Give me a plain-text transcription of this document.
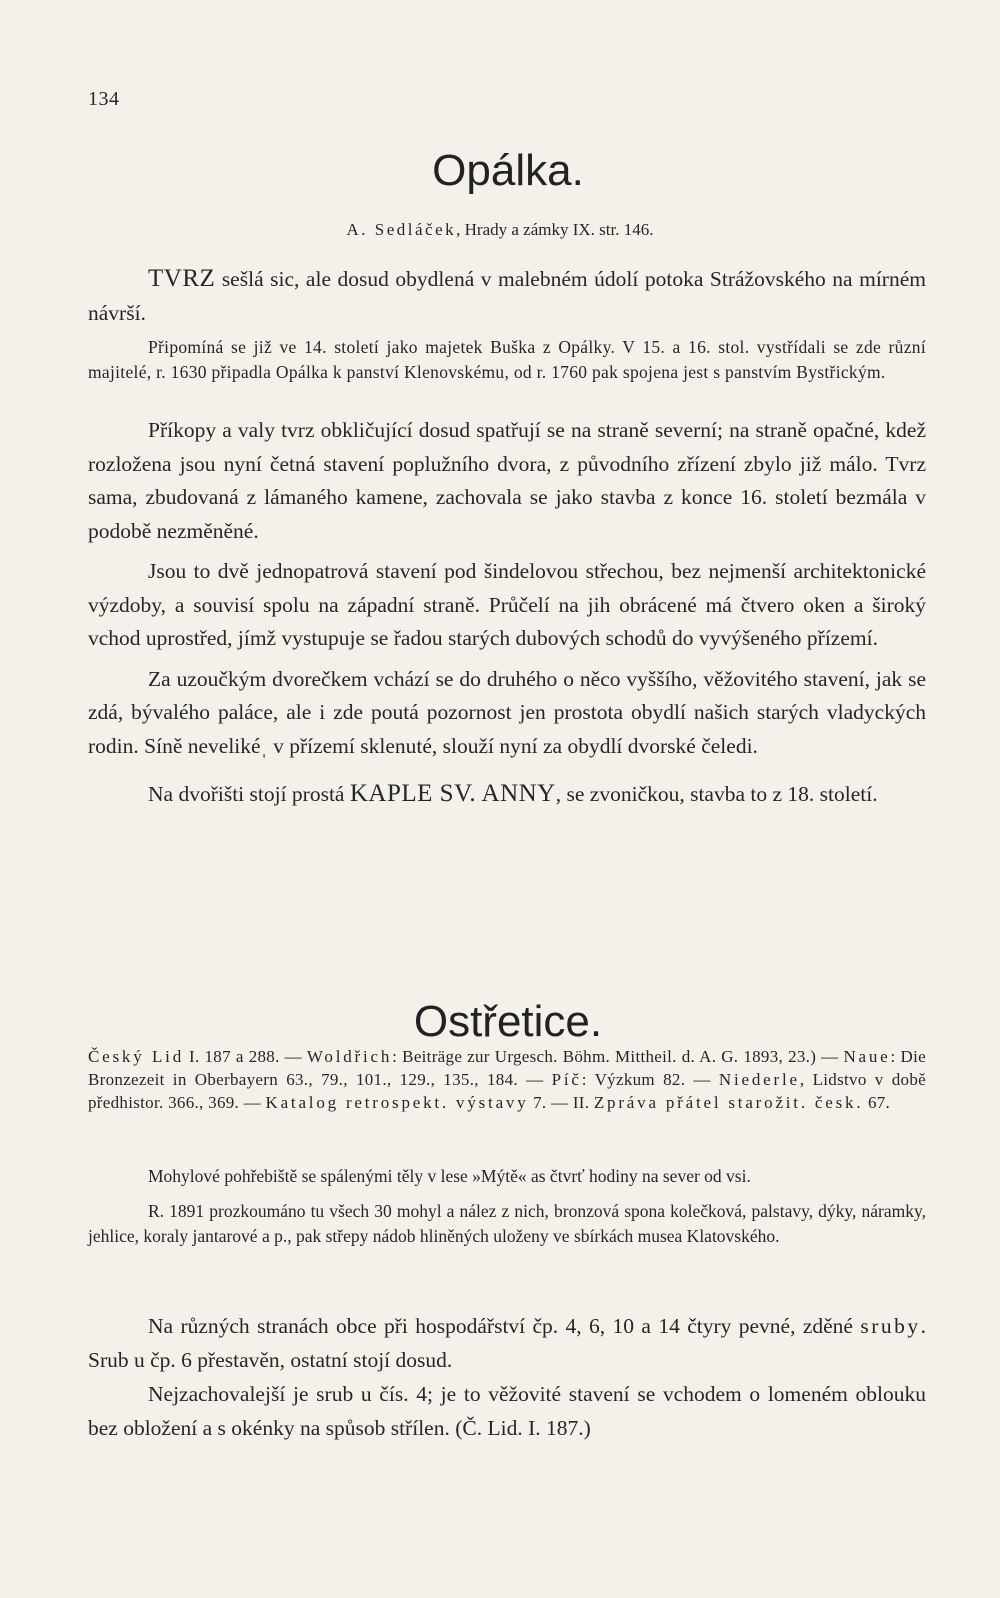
134
Opálka.
A. Sedláček, Hrady a zámky IX. str. 146.

TVRZ sešlá sic, ale dosud obydlená v malebném údolí potoka Strážovského na mírném návrší.

Připomíná se již ve 14. století jako majetek Buška z Opálky. V 15. a 16. stol. vystřídali se zde různí majitelé, r. 1630 připadla Opálka k panství Klenovskému, od r. 1760 pak spojena jest s panstvím Bystřickým.

Příkopy a valy tvrz obkličující dosud spatřují se na straně severní; na straně opačné, kdež rozložena jsou nyní četná stavení poplužního dvora, z původního zřízení zbylo již málo. Tvrz sama, zbudovaná z lámaného kamene, zachovala se jako stavba z konce 16. století bezmála v podobě nezměněné.

Jsou to dvě jednopatrová stavení pod šindelovou střechou, bez nejmenší architektonické výzdoby, a souvisí spolu na západní straně. Průčelí na jih obrácené má čtvero oken a široký vchod uprostřed, jímž vystupuje se řadou starých dubových schodů do vyvýšeného přízemí.

Za uzoučkým dvorečkem vchází se do druhého o něco vyššího, věžovitého stavení, jak se zdá, bývalého paláce, ale i zde poutá pozornost jen prostota obydlí našich starých vladyckých rodin. Síně nevelikéˌ v přízemí sklenuté, slouží nyní za obydlí dvorské čeledi.

Na dvořišti stojí prostá KAPLE SV. ANNY, se zvoničkou, stavba to z 18. století.

Ostřetice.

Český Lid I. 187 a 288. — Woldřich: Beiträge zur Urgesch. Böhm. Mittheil. d. A. G. 1893, 23.) — Naue: Die Bronzezeit in Oberbayern 63., 79., 101., 129., 135., 184. — Píč: Výzkum 82. — Niederle, Lidstvo v době předhistor. 366., 369. — Katalog retrospekt. výstavy 7. — II. Zpráva přátel starožit. česk. 67.

Mohylové pohřebiště se spálenými těly v lese »Mýtě« as čtvrť hodiny na sever od vsi.

R. 1891 prozkoumáno tu všech 30 mohyl a nález z nich, bronzová spona kolečková, palstavy, dýky, náramky, jehlice, koraly jantarové a p., pak střepy nádob hliněných uloženy ve sbírkách musea Klatovského.

Na různých stranách obce při hospodářství čp. 4, 6, 10 a 14 čtyry pevné, zděné sruby. Srub u čp. 6 přestavěn, ostatní stojí dosud.

Nejzachovalejší je srub u čís. 4; je to věžovité stavení se vchodem o lomeném oblouku bez obložení a s okénky na spůsob střílen. (Č. Lid. I. 187.)
